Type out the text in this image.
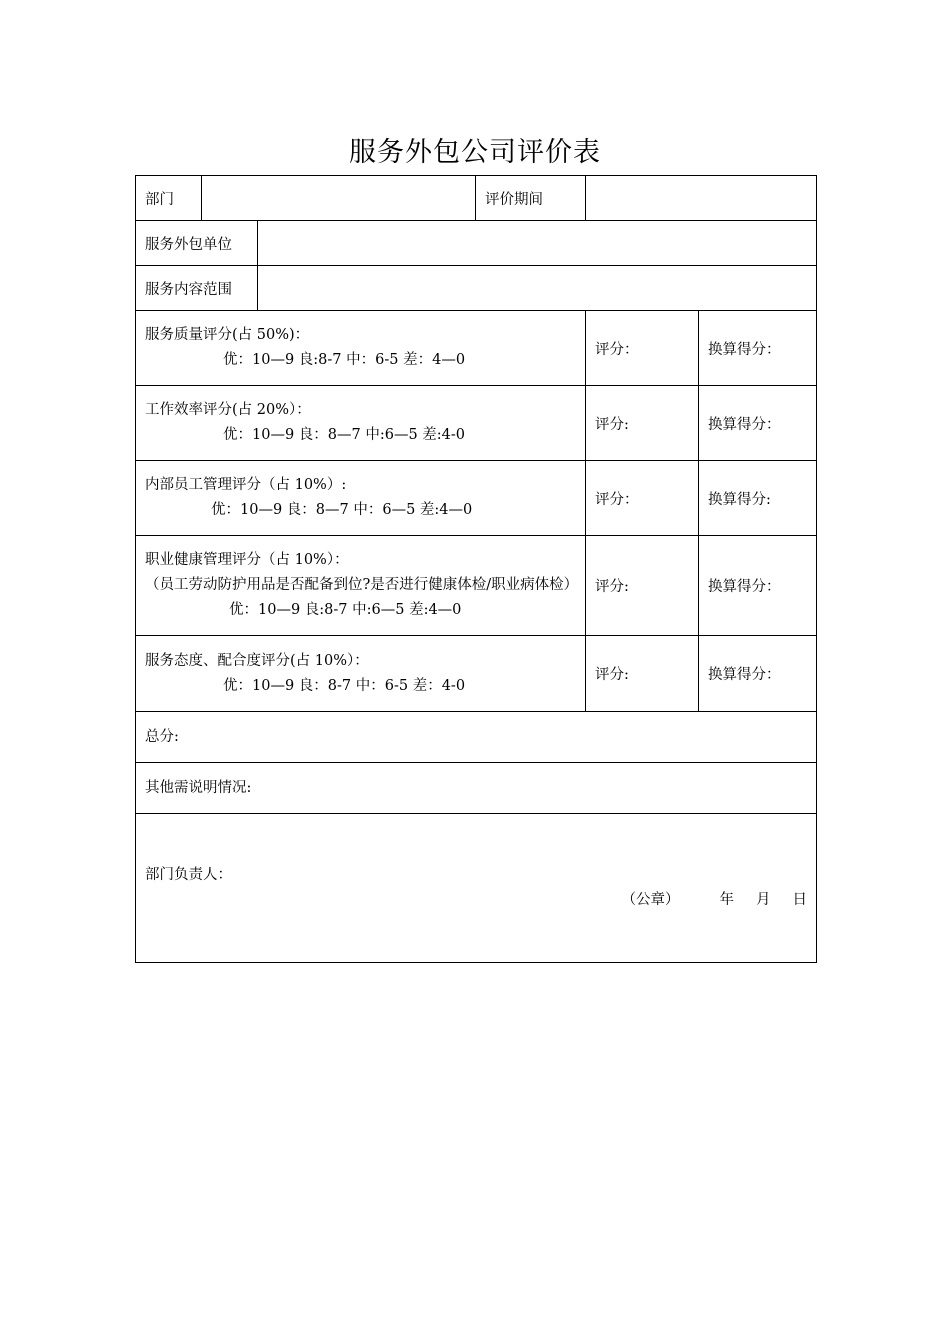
服务外包公司评价表
部门			评价期间		
服务外包单位					
服务内容范围					

服务质量评分(占 50%)：
优：10—9 良:8-7 中：6-5 差：4—0				评分：	换算得分：

工作效率评分(占 20%）：
优：10—9 良：8—7 中:6—5 差:4-0				评分:	换算得分：

内部员工管理评分（占 10%）:
优：10—9 良：8—7 中：6—5 差:4—0				评分：	换算得分:

职业健康管理评分（占 10%）：
（员工劳动防护用品是否配备到位?是否进行健康体检/职业病体检）
优：10—9 良:8-7 中:6—5 差:4—0				评分:	换算得分：

服务态度、配合度评分(占 10%）：
优：10—9 良：8-7 中：6-5 差：4-0				评分:	换算得分：

总分:					

其他需说明情况:					

部门负责人：
（公章） 年 月 日					
